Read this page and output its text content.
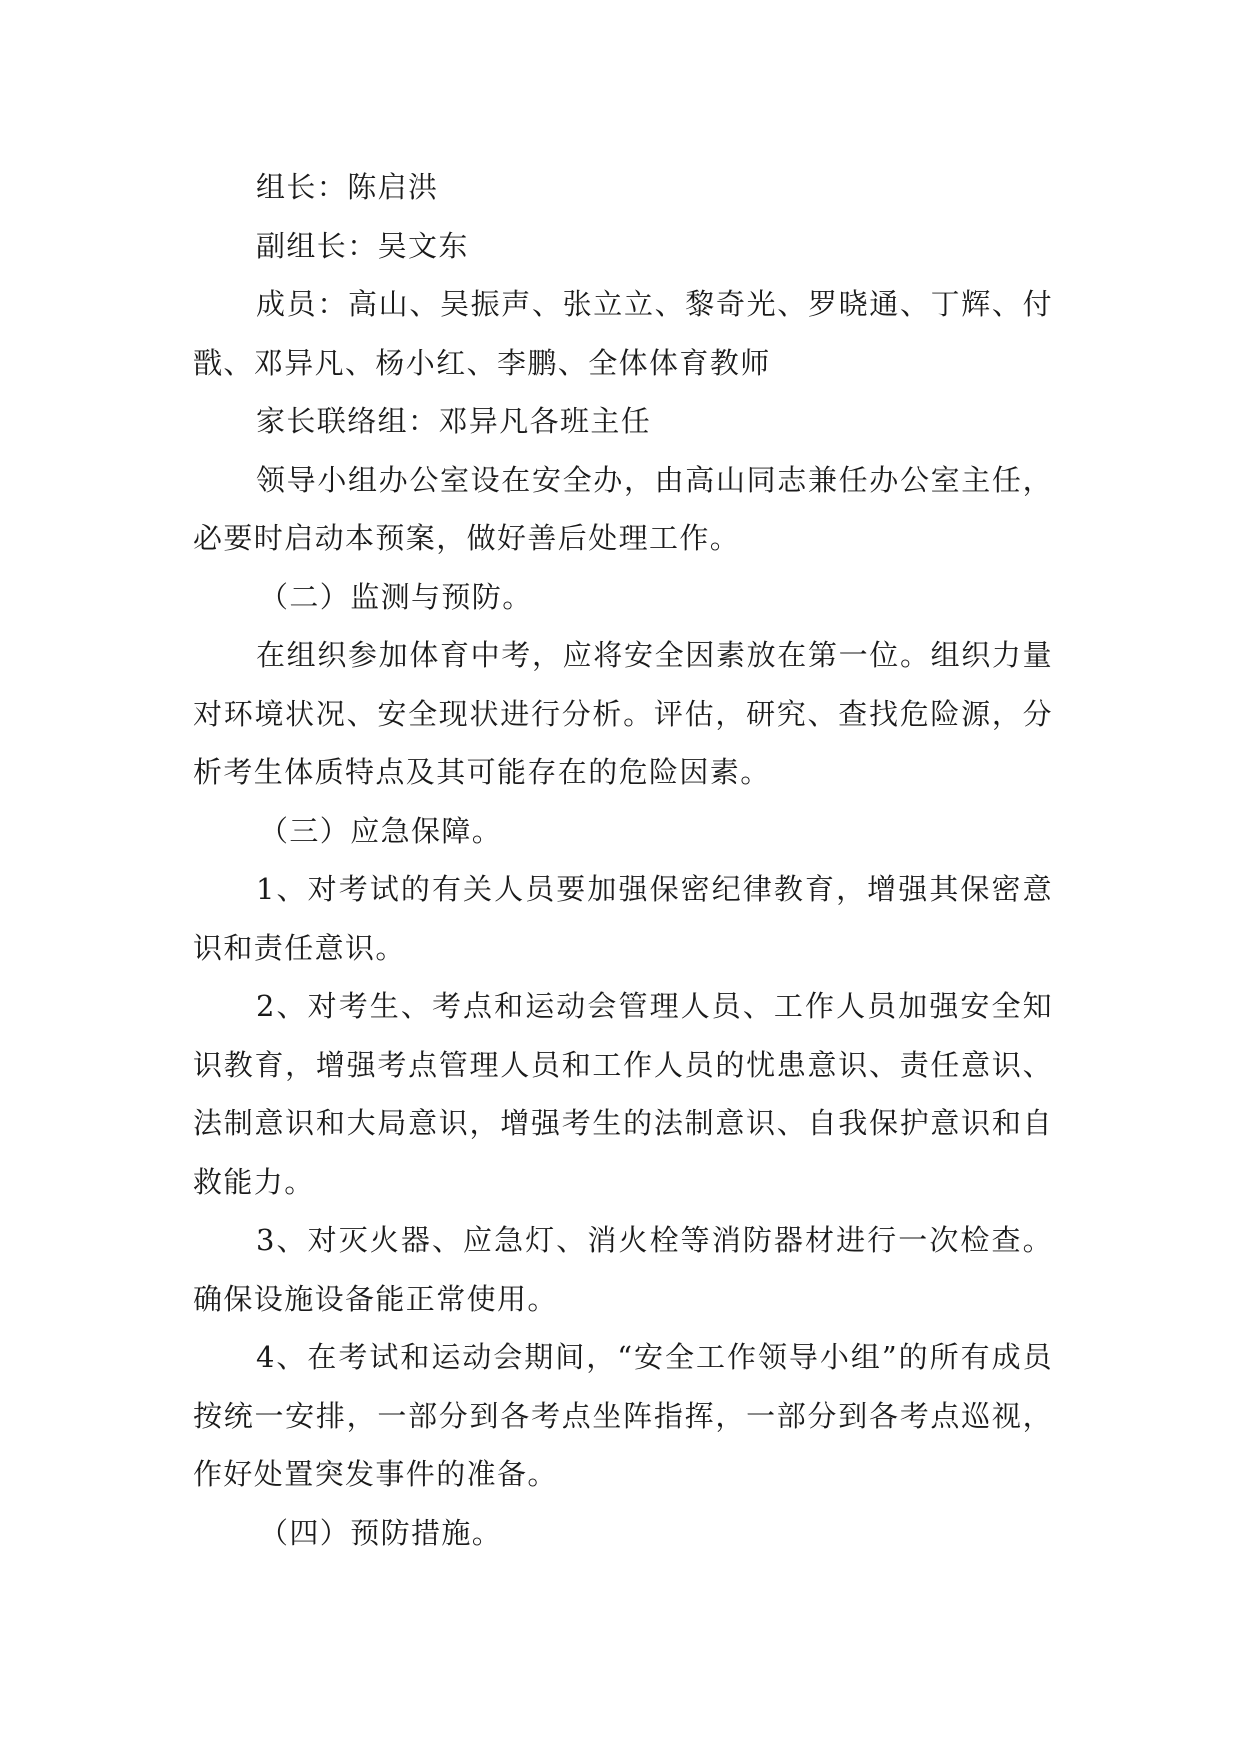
组长：陈启洪

副组长：吴文东

成员：高山、吴振声、张立立、黎奇光、罗晓通、丁辉、付戬、邓异凡、杨小红、李鹏、全体体育教师

家长联络组：邓异凡各班主任

领导小组办公室设在安全办，由高山同志兼任办公室主任，必要时启动本预案，做好善后处理工作。

（二）监测与预防。

在组织参加体育中考，应将安全因素放在第一位。组织力量对环境状况、安全现状进行分析。评估，研究、查找危险源，分析考生体质特点及其可能存在的危险因素。

（三）应急保障。

1、对考试的有关人员要加强保密纪律教育，增强其保密意识和责任意识。

2、对考生、考点和运动会管理人员、工作人员加强安全知识教育，增强考点管理人员和工作人员的忧患意识、责任意识、法制意识和大局意识，增强考生的法制意识、自我保护意识和自救能力。

3、对灭火器、应急灯、消火栓等消防器材进行一次检查。确保设施设备能正常使用。

4、在考试和运动会期间，“安全工作领导小组”的所有成员按统一安排，一部分到各考点坐阵指挥，一部分到各考点巡视，作好处置突发事件的准备。

（四）预防措施。
